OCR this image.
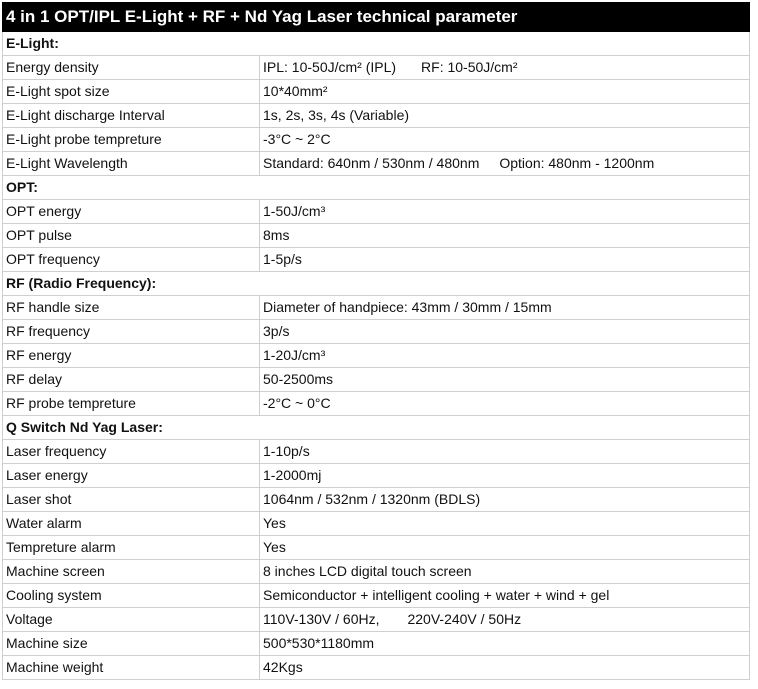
4 in 1 OPT/IPL E-Light + RF + Nd Yag Laser technical parameter	
E-Light:	
Energy density	IPL: 10-50J/cm² (IPL) RF: 10-50J/cm²
E-Light spot size	10*40mm²
E-Light discharge Interval	1s, 2s, 3s, 4s (Variable)
E-Light probe tempreture	-3°C ~ 2°C
E-Light Wavelength	Standard: 640nm / 530nm / 480nm Option: 480nm - 1200nm
OPT:	
OPT energy	1-50J/cm³
OPT pulse	8ms
OPT frequency	1-5p/s
RF (Radio Frequency):	
RF handle size	Diameter of handpiece: 43mm / 30mm / 15mm
RF frequency	3p/s
RF energy	1-20J/cm³
RF delay	50-2500ms
RF probe tempreture	-2°C ~ 0°C
Q Switch Nd Yag Laser:	
Laser frequency	1-10p/s
Laser energy	1-2000mj
Laser shot	1064nm / 532nm / 1320nm (BDLS)
Water alarm	Yes
Tempreture alarm	Yes
Machine screen	8 inches LCD digital touch screen
Cooling system	Semiconductor + intelligent cooling + water + wind + gel
Voltage	110V-130V / 60Hz, 220V-240V / 50Hz
Machine size	500*530*1180mm
Machine weight	42Kgs
